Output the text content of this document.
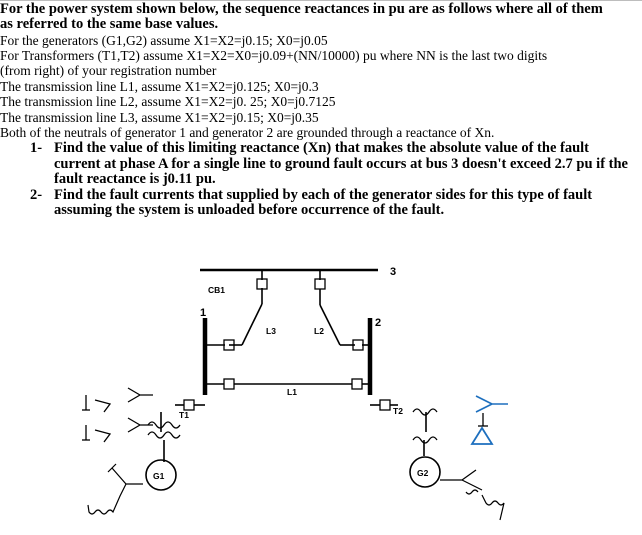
For the power system shown below, the sequence reactances in pu are as follows where all of them
as referred to the same base values.
For the generators (G1,G2) assume X1=X2=j0.15; X0=j0.05
For Transformers (T1,T2) assume X1=X2=X0=j0.09+(NN/10000) pu where NN is the last two digits
(from right) of your registration number
The transmission line L1, assume X1=X2=j0.125; X0=j0.3
The transmission line L2, assume X1=X2=j0. 25; X0=j0.7125
The transmission line L3, assume X1=X2=j0.15; X0=j0.35
Both of the neutrals of generator 1 and generator 2 are grounded through a reactance of Xn.
1- Find the value of this limiting reactance (Xn) that makes the absolute value of the fault
current at phase A for a single line to ground fault occurs at bus 3 doesn't exceed 2.7 pu if the
fault reactance is j0.11 pu.
2- Find the fault currents that supplied by each of the generator sides for this type of fault
assuming the system is unloaded before occurrence of the fault.
3
CB1
1
2
L3	L2
L1
T1	T2
G1	G2
